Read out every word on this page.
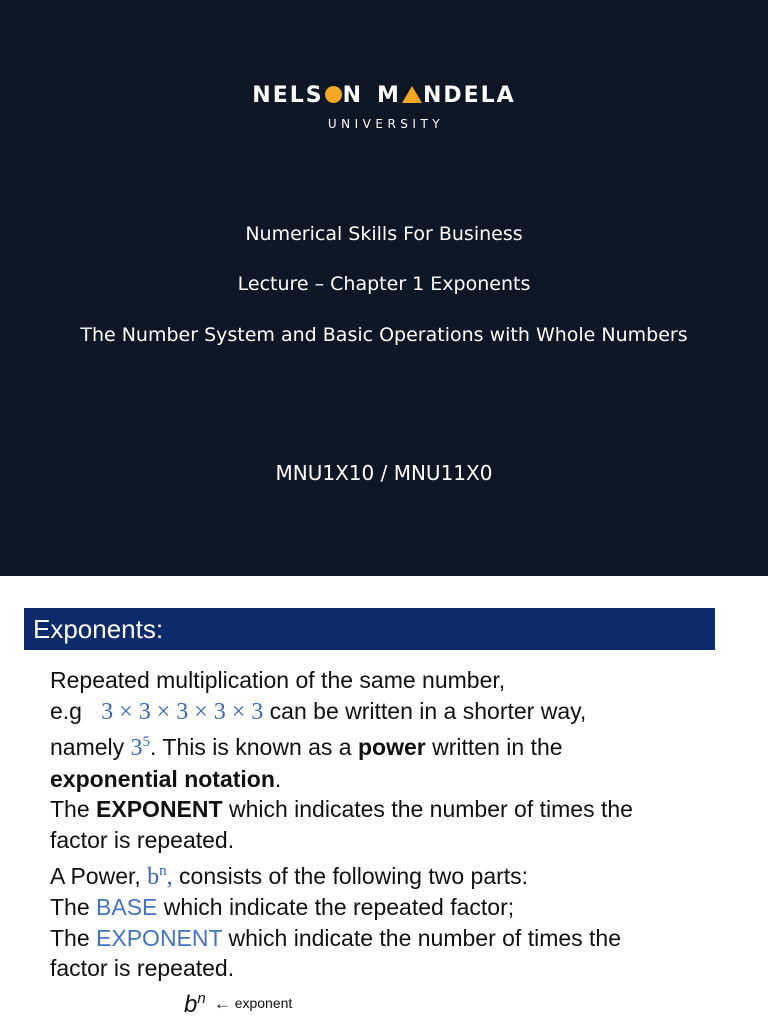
NELS N M NDELA
UNIVERSITY
Numerical Skills For Business
Lecture – Chapter 1 Exponents
The Number System and Basic Operations with Whole Numbers
MNU1X10 / MNU11X0
Exponents:

Repeated multiplication of the same number,

e.g 3 × 3 × 3 × 3 × 3 can be written in a shorter way,

namely $3^5$. This is known as a power written in the

exponential notation.

The EXPONENT which indicates the number of times the

factor is repeated.

A Power, $b^n$, consists of the following two parts:

The BASE which indicate the repeated factor;

The EXPONENT which indicate the number of times the

factor is repeated.

$b^n$ ← exponent
